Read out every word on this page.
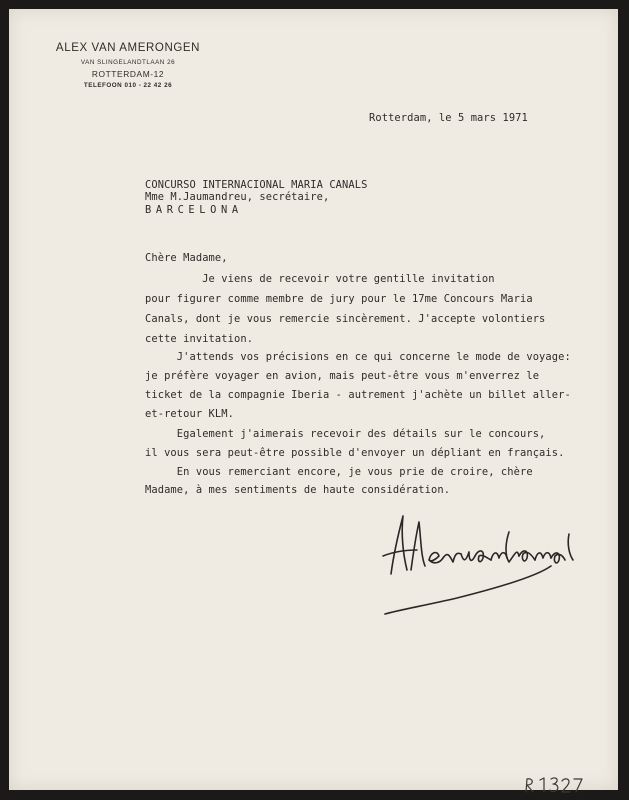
ALEX VAN AMERONGEN
VAN SLINGELANDTLAAN 26
ROTTERDAM-12
TELEFOON 010 - 22 42 26
Rotterdam, le 5 mars 1971
CONCURSO INTERNACIONAL MARIA CANALS
Mme M.Jaumandreu, secrétaire,
BARCELONA
Chère Madame,
Je viens de recevoir votre gentille invitation
pour figurer comme membre de jury pour le 17me Concours Maria
Canals, dont je vous remercie sincèrement. J'accepte volontiers
cette invitation.
J'attends vos précisions en ce qui concerne le mode de voyage:
je préfère voyager en avion, mais peut-être vous m'enverrez le
ticket de la compagnie Iberia - autrement j'achète un billet aller-
et-retour KLM.
Egalement j'aimerais recevoir des détails sur le concours,
il vous sera peut-être possible d'envoyer un dépliant en français.
En vous remerciant encore, je vous prie de croire, chère
Madame, à mes sentiments de haute considération.
